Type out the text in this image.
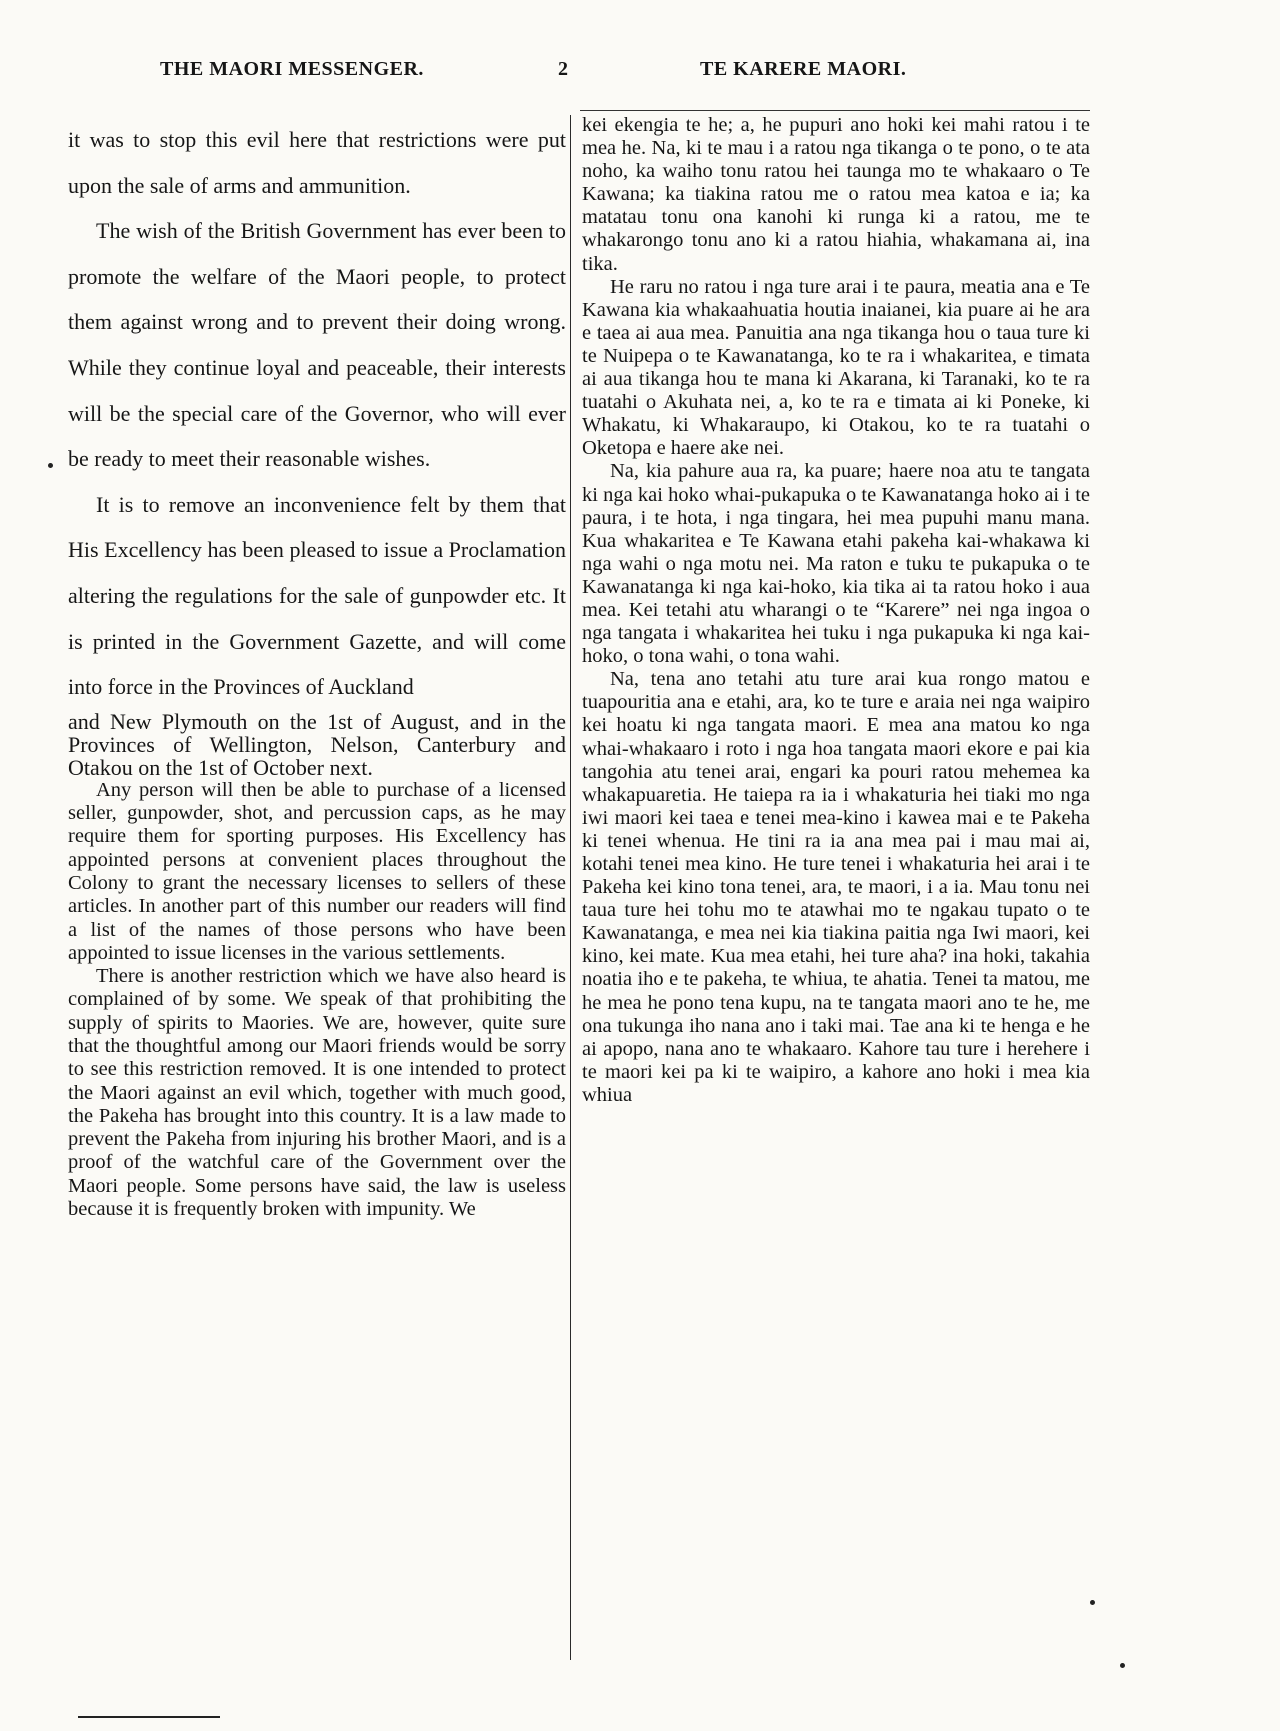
THE MAORI MESSENGER.	2	TE KARERE MAORI.

it was to stop this evil here that restrictions were put upon the sale of arms and ammunition.

The wish of the British Government has ever been to promote the welfare of the Maori people, to protect them against wrong and to prevent their doing wrong. While they continue loyal and peaceable, their interests will be the special care of the Governor, who will ever be ready to meet their reasonable wishes.

It is to remove an inconvenience felt by them that His Excellency has been pleased to issue a Proclamation altering the regulations for the sale of gunpowder etc. It is printed in the Government Gazette, and will come into force in the Provinces of Auckland

and New Plymouth on the 1st of August, and in the Provinces of Wellington, Nelson, Canterbury and Otakou on the 1st of October next.

Any person will then be able to purchase of a licensed seller, gunpowder, shot, and percussion caps, as he may require them for sporting purposes. His Excellency has appointed persons at convenient places throughout the Colony to grant the necessary licenses to sellers of these articles. In another part of this number our readers will find a list of the names of those persons who have been appointed to issue licenses in the various settlements.

There is another restriction which we have also heard is complained of by some. We speak of that prohibiting the supply of spirits to Maories. We are, however, quite sure that the thoughtful among our Maori friends would be sorry to see this restriction removed. It is one intended to protect the Maori against an evil which, together with much good, the Pakeha has brought into this country. It is a law made to prevent the Pakeha from injuring his brother Maori, and is a proof of the watchful care of the Government over the Maori people. Some persons have said, the law is useless because it is frequently broken with impunity. We

kei ekengia te he; a, he pupuri ano hoki kei mahi ratou i te mea he. Na, ki te mau i a ratou nga tikanga o te pono, o te ata noho, ka waiho tonu ratou hei taunga mo te whakaaro o Te Kawana; ka tiakina ratou me o ratou mea katoa e ia; ka matatau tonu ona kanohi ki runga ki a ratou, me te whakarongo tonu ano ki a ratou hiahia, whakamana ai, ina tika.

He raru no ratou i nga ture arai i te paura, meatia ana e Te Kawana kia whakaahuatia houtia inaianei, kia puare ai he ara e taea ai aua mea. Panuitia ana nga tikanga hou o taua ture ki te Nuipepa o te Kawanatanga, ko te ra i whakaritea, e timata ai aua tikanga hou te mana ki Akarana, ki Taranaki, ko te ra tuatahi o Akuhata nei, a, ko te ra e timata ai ki Poneke, ki Whakatu, ki Whakaraupo, ki Otakou, ko te ra tuatahi o Oketopa e haere ake nei.

Na, kia pahure aua ra, ka puare; haere noa atu te tangata ki nga kai hoko whai-pukapuka o te Kawanatanga hoko ai i te paura, i te hota, i nga tingara, hei mea pupuhi manu mana. Kua whakaritea e Te Kawana etahi pakeha kai-whakawa ki nga wahi o nga motu nei. Ma raton e tuku te pukapuka o te Kawanatanga ki nga kai-hoko, kia tika ai ta ratou hoko i aua mea. Kei tetahi atu wharangi o te “Karere” nei nga ingoa o nga tangata i whakaritea hei tuku i nga pukapuka ki nga kai-hoko, o tona wahi, o tona wahi.

Na, tena ano tetahi atu ture arai kua rongo matou e tuapouritia ana e etahi, ara, ko te ture e araia nei nga waipiro kei hoatu ki nga tangata maori. E mea ana matou ko nga whai-whakaaro i roto i nga hoa tangata maori ekore e pai kia tangohia atu tenei arai, engari ka pouri ratou mehemea ka whakapuaretia. He taiepa ra ia i whakaturia hei tiaki mo nga iwi maori kei taea e tenei mea-kino i kawea mai e te Pakeha ki tenei whenua. He tini ra ia ana mea pai i mau mai ai, kotahi tenei mea kino. He ture tenei i whakaturia hei arai i te Pakeha kei kino tona tenei, ara, te maori, i a ia. Mau tonu nei taua ture hei tohu mo te atawhai mo te ngakau tupato o te Kawanatanga, e mea nei kia tiakina paitia nga Iwi maori, kei kino, kei mate. Kua mea etahi, hei ture aha? ina hoki, takahia noatia iho e te pakeha, te whiua, te ahatia. Tenei ta matou, me he mea he pono tena kupu, na te tangata maori ano te he, me ona tukunga iho nana ano i taki mai. Tae ana ki te henga e he ai apopo, nana ano te whakaaro. Kahore tau ture i herehere i te maori kei pa ki te waipiro, a kahore ano hoki i mea kia whiua
